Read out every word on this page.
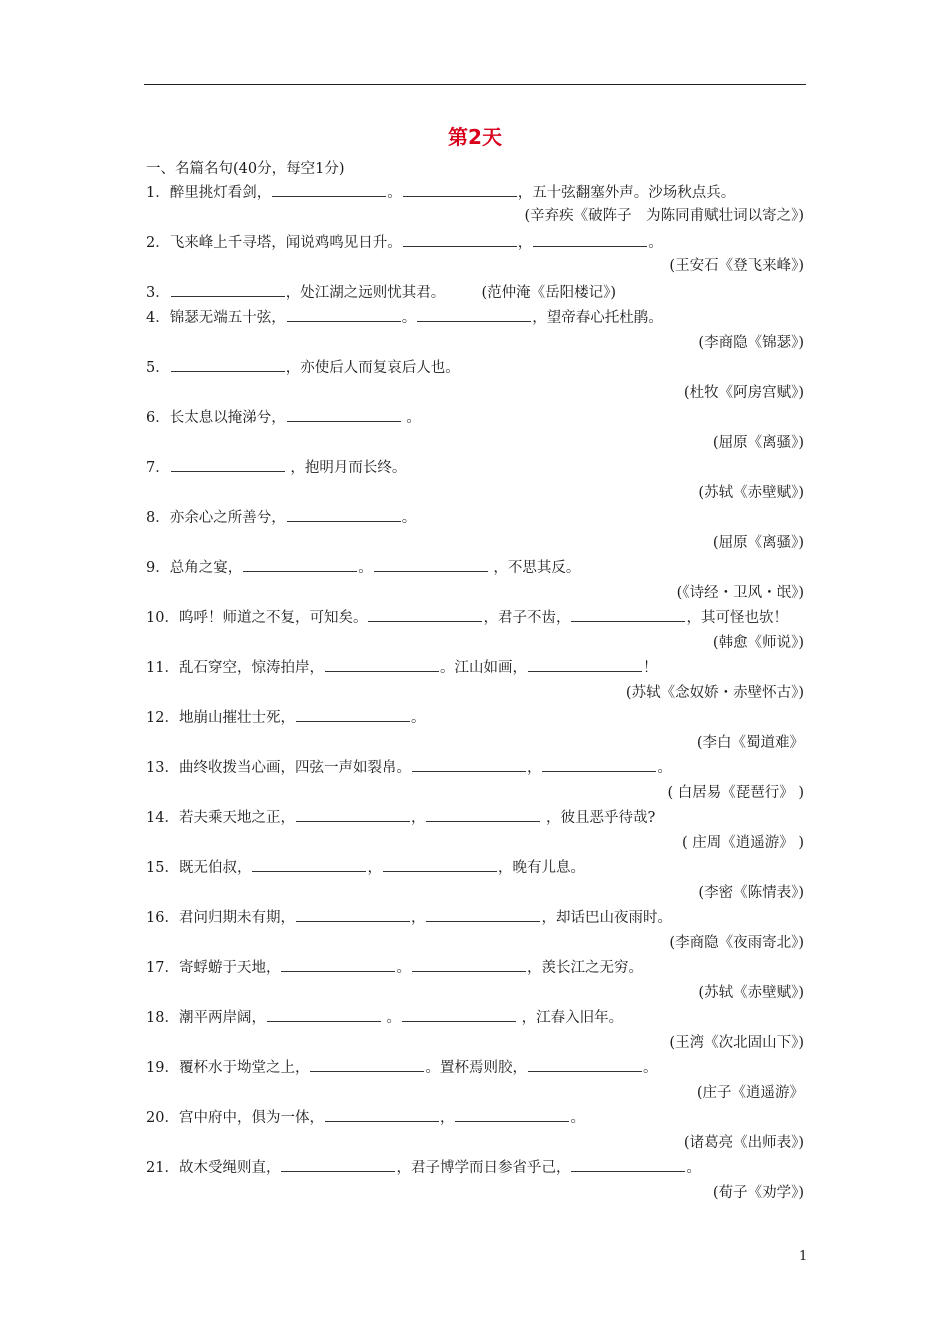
第2天
一、名篇名句(40分，每空1分)
1．醉里挑灯看剑，	。	，五十弦翻塞外声。沙场秋点兵。
(辛弃疾《破阵子　为陈同甫赋壮词以寄之》)
2．飞来峰上千寻塔，闻说鸡鸣见日升。	，	。
(王安石《登飞来峰》)
3．	，处江湖之远则忧其君。　　　(范仲淹《岳阳楼记》)
4．锦瑟无端五十弦，	。	，望帝春心托杜鹃。
(李商隐《锦瑟》)
5．	，亦使后人而复哀后人也。
(杜牧《阿房宫赋》)
6．长太息以掩涕兮，	。
(屈原《离骚》)
7．	，抱明月而长终。
(苏轼《赤壁赋》)
8．亦余心之所善兮，	。
(屈原《离骚》)
9．总角之宴，	。	，不思其反。
(《诗经・卫风・氓》)
10．呜呼！师道之不复，可知矣。	，君子不齿，	，其可怪也欤！
(韩愈《师说》)
11．乱石穿空，惊涛拍岸，	。江山如画，	！
(苏轼《念奴娇・赤壁怀古》)
12．地崩山摧壮士死，	。
(李白《蜀道难》
13．曲终收拨当心画，四弦一声如裂帛。	，	。
( 白居易《琵琶行》 )
14．若夫乘天地之正，	，	，彼且恶乎待哉?
( 庄周《逍遥游》 )
15．既无伯叔，	，	，晚有儿息。
(李密《陈情表》)
16．君问归期未有期，	，	，却话巴山夜雨时。
(李商隐《夜雨寄北》)
17．寄蜉蝣于天地，	。	，羡长江之无穷。
(苏轼《赤壁赋》)
18．潮平两岸阔，	。	，江春入旧年。
(王湾《次北固山下》)
19．覆杯水于坳堂之上，	。置杯焉则胶，	。
(庄子《逍遥游》
20．宫中府中，俱为一体，	，	。
(诸葛亮《出师表》)
21．故木受绳则直，	，君子博学而日参省乎己，	。
(荀子《劝学》)
1
